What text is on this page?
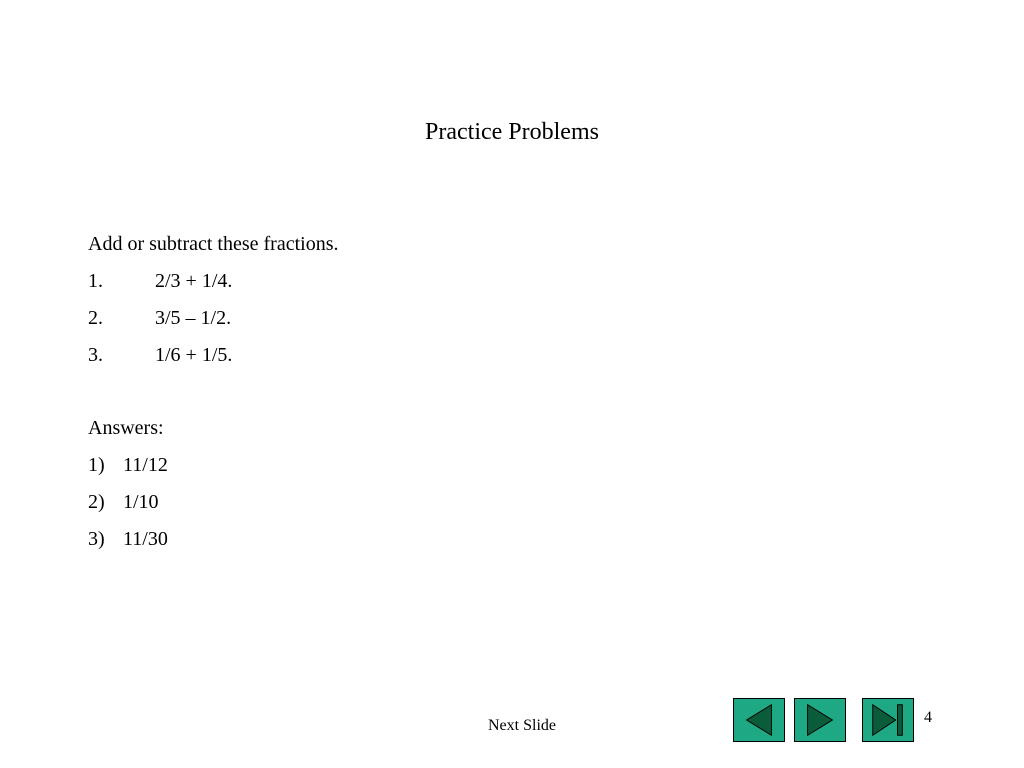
Practice Problems
Add or subtract these fractions.
1.	2/3 + 1/4.
2.	3/5 – 1/2.
3.	1/6 + 1/5.
Answers:
1) 11/12
2) 1/10
3) 11/30
Next Slide	4
